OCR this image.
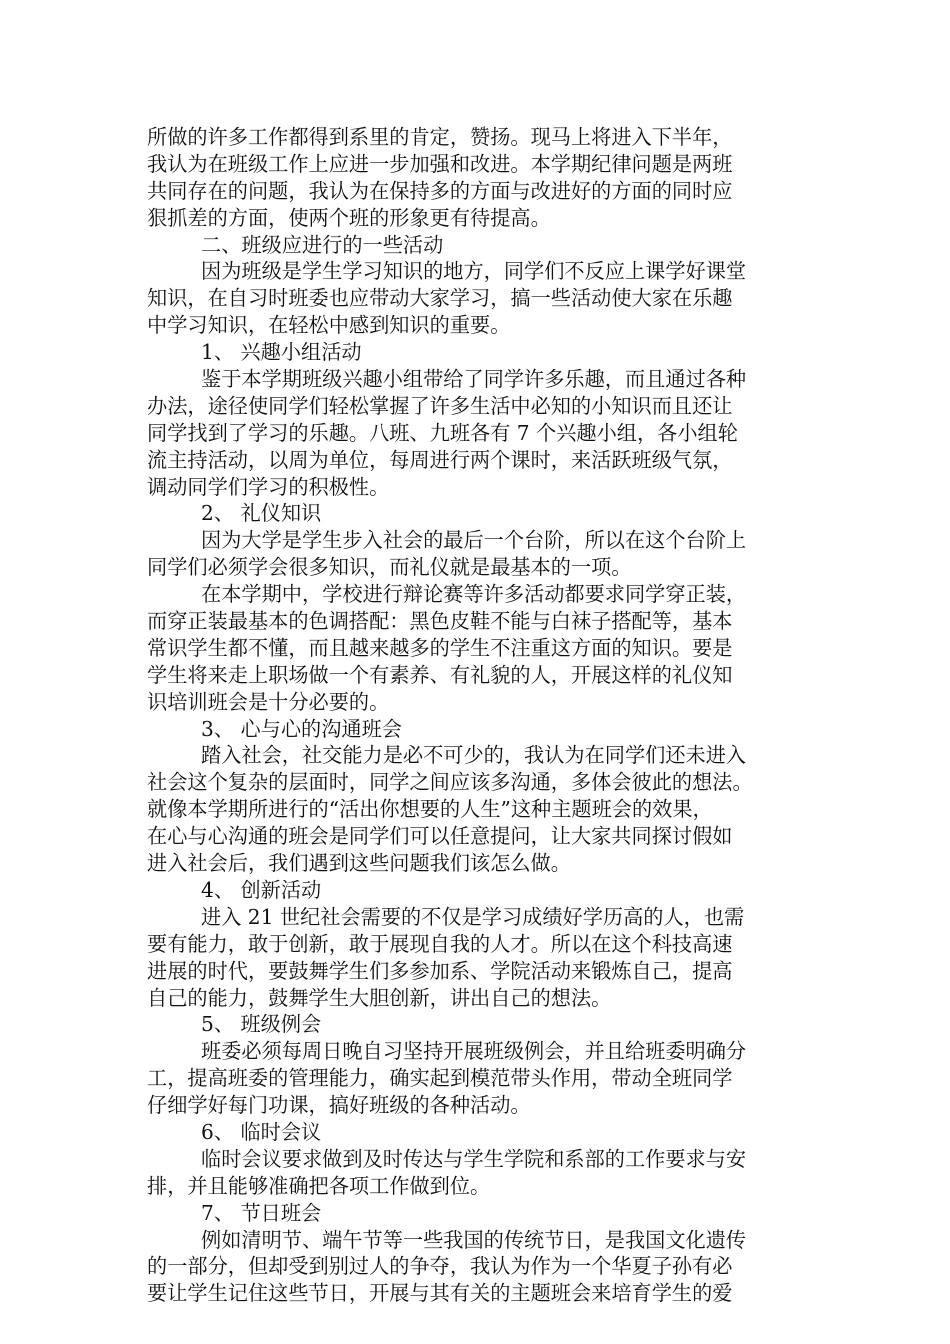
所做的许多工作都得到系里的肯定，赞扬。现马上将进入下半年，
我认为在班级工作上应进一步加强和改进。本学期纪律问题是两班
共同存在的问题，我认为在保持多的方面与改进好的方面的同时应
狠抓差的方面，使两个班的形象更有待提高。
二、班级应进行的一些活动
因为班级是学生学习知识的地方，同学们不反应上课学好课堂
知识，在自习时班委也应带动大家学习，搞一些活动使大家在乐趣
中学习知识，在轻松中感到知识的重要。
1、 兴趣小组活动
鉴于本学期班级兴趣小组带给了同学许多乐趣，而且通过各种
办法，途径使同学们轻松掌握了许多生活中必知的小知识而且还让
同学找到了学习的乐趣。八班、九班各有 7 个兴趣小组，各小组轮
流主持活动，以周为单位，每周进行两个课时，来活跃班级气氛，
调动同学们学习的积极性。
2、 礼仪知识
因为大学是学生步入社会的最后一个台阶，所以在这个台阶上
同学们必须学会很多知识，而礼仪就是最基本的一项。
在本学期中，学校进行辩论赛等许多活动都要求同学穿正装，
而穿正装最基本的色调搭配：黑色皮鞋不能与白袜子搭配等，基本
常识学生都不懂，而且越来越多的学生不注重这方面的知识。要是
学生将来走上职场做一个有素养、有礼貌的人，开展这样的礼仪知
识培训班会是十分必要的。
3、 心与心的沟通班会
踏入社会，社交能力是必不可少的，我认为在同学们还未进入
社会这个复杂的层面时，同学之间应该多沟通，多体会彼此的想法。
就像本学期所进行的“活出你想要的人生”这种主题班会的效果，
在心与心沟通的班会是同学们可以任意提问，让大家共同探讨假如
进入社会后，我们遇到这些问题我们该怎么做。
4、 创新活动
进入 21 世纪社会需要的不仅是学习成绩好学历高的人，也需
要有能力，敢于创新，敢于展现自我的人才。所以在这个科技高速
进展的时代，要鼓舞学生们多参加系、学院活动来锻炼自己，提高
自己的能力，鼓舞学生大胆创新，讲出自己的想法。
5、 班级例会
班委必须每周日晚自习坚持开展班级例会，并且给班委明确分
工，提高班委的管理能力，确实起到模范带头作用，带动全班同学
仔细学好每门功课，搞好班级的各种活动。
6、 临时会议
临时会议要求做到及时传达与学生学院和系部的工作要求与安
排，并且能够准确把各项工作做到位。
7、 节日班会
例如清明节、端午节等一些我国的传统节日，是我国文化遗传
的一部分，但却受到别过人的争夺，我认为作为一个华夏子孙有必
要让学生记住这些节日，开展与其有关的主题班会来培育学生的爱
